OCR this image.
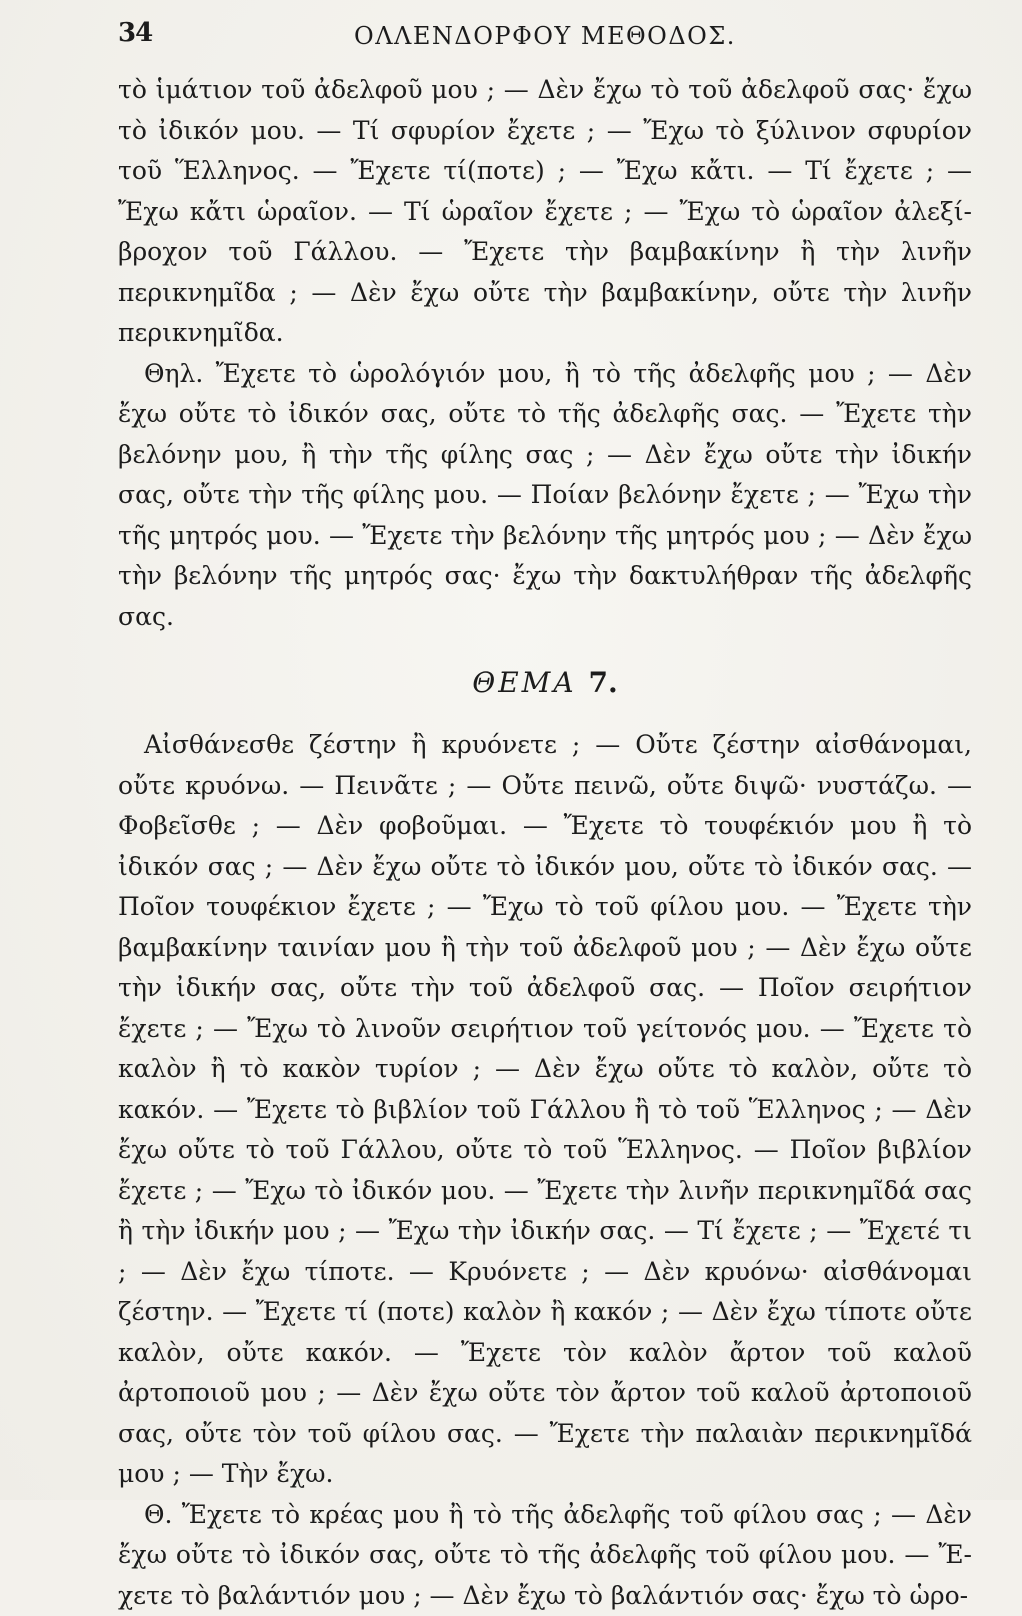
34	ΟΛΛΕΝΔΟΡΦΟΥ ΜΕΘΟΔΟΣ.

τὸ ἱμάτιον τοῦ ἀδελφοῦ μου ; — Δὲν ἔχω τὸ τοῦ ἀδελφοῦ σας· ἔχω τὸ ἰδικόν μου. — Τί σφυρίον ἔχετε ; — Ἔχω τὸ ξύλινον σφυρίον τοῦ Ἕλληνος. — Ἔχετε τί(ποτε) ; — Ἔχω κἄτι. — Τί ἔχετε ; — Ἔχω κἄτι ὡραῖον. — Τί ὡραῖον ἔχετε ; — Ἔχω τὸ ὡραῖον ἀλεξίβροχον τοῦ Γάλλου. — Ἔχετε τὴν βαμβακίνην ἢ τὴν λινῆν περικνημῖδα ; — Δὲν ἔχω οὔτε τὴν βαμβακίνην, οὔτε τὴν λινῆν περικνημῖδα.

Θηλ. Ἔχετε τὸ ὡρολόγιόν μου, ἢ τὸ τῆς ἀδελφῆς μου ; — Δὲν ἔχω οὔτε τὸ ἰδικόν σας, οὔτε τὸ τῆς ἀδελφῆς σας. — Ἔχετε τὴν βελόνην μου, ἢ τὴν τῆς φίλης σας ; — Δὲν ἔχω οὔτε τὴν ἰδικήν σας, οὔτε τὴν τῆς φίλης μου. — Ποίαν βελόνην ἔχετε ; — Ἔχω τὴν τῆς μητρός μου. — Ἔχετε τὴν βελόνην τῆς μητρός μου ; — Δὲν ἔχω τὴν βελόνην τῆς μητρός σας· ἔχω τὴν δακτυλήθραν τῆς ἀδελφῆς σας.

ΘΕΜΑ 7.

Αἰσθάνεσθε ζέστην ἢ κρυόνετε ; — Οὔτε ζέστην αἰσθάνομαι, οὔτε κρυόνω. — Πεινᾶτε ; — Οὔτε πεινῶ, οὔτε διψῶ· νυστάζω. — Φοβεῖσθε ; — Δὲν φοβοῦμαι. — Ἔχετε τὸ τουφέκιόν μου ἢ τὸ ἰδικόν σας ; — Δὲν ἔχω οὔτε τὸ ἰδικόν μου, οὔτε τὸ ἰδικόν σας. — Ποῖον τουφέκιον ἔχετε ; — Ἔχω τὸ τοῦ φίλου μου. — Ἔχετε τὴν βαμβακίνην ταινίαν μου ἢ τὴν τοῦ ἀδελφοῦ μου ; — Δὲν ἔχω οὔτε τὴν ἰδικήν σας, οὔτε τὴν τοῦ ἀδελφοῦ σας. — Ποῖον σειρήτιον ἔχετε ; — Ἔχω τὸ λινοῦν σειρήτιον τοῦ γείτονός μου. — Ἔχετε τὸ καλὸν ἢ τὸ κακὸν τυρίον ; — Δὲν ἔχω οὔτε τὸ καλὸν, οὔτε τὸ κακόν. — Ἔχετε τὸ βιβλίον τοῦ Γάλλου ἢ τὸ τοῦ Ἕλληνος ; — Δὲν ἔχω οὔτε τὸ τοῦ Γάλλου, οὔτε τὸ τοῦ Ἕλληνος. — Ποῖον βιβλίον ἔχετε ; — Ἔχω τὸ ἰδικόν μου. — Ἔχετε τὴν λινῆν περικνημῖδά σας ἢ τὴν ἰδικήν μου ; — Ἔχω τὴν ἰδικήν σας. — Τί ἔχετε ; — Ἔχετέ τι ; — Δὲν ἔχω τίποτε. — Κρυόνετε ; — Δὲν κρυόνω· αἰσθάνομαι ζέστην. — Ἔχετε τί (ποτε) καλὸν ἢ κακόν ; — Δὲν ἔχω τίποτε οὔτε καλὸν, οὔτε κακόν. — Ἔχετε τὸν καλὸν ἄρτον τοῦ καλοῦ ἀρτοποιοῦ μου ; — Δὲν ἔχω οὔτε τὸν ἄρτον τοῦ καλοῦ ἀρτοποιοῦ σας, οὔτε τὸν τοῦ φίλου σας. — Ἔχετε τὴν παλαιὰν περικνημῖδά μου ; — Τὴν ἔχω.

Θ. Ἔχετε τὸ κρέας μου ἢ τὸ τῆς ἀδελφῆς τοῦ φίλου σας ; — Δὲν ἔχω οὔτε τὸ ἰδικόν σας, οὔτε τὸ τῆς ἀδελφῆς τοῦ φίλου μου. — Ἔχετε τὸ βαλάντιόν μου ; — Δὲν ἔχω τὸ βαλάντιόν σας· ἔχω τὸ ὡρο-
